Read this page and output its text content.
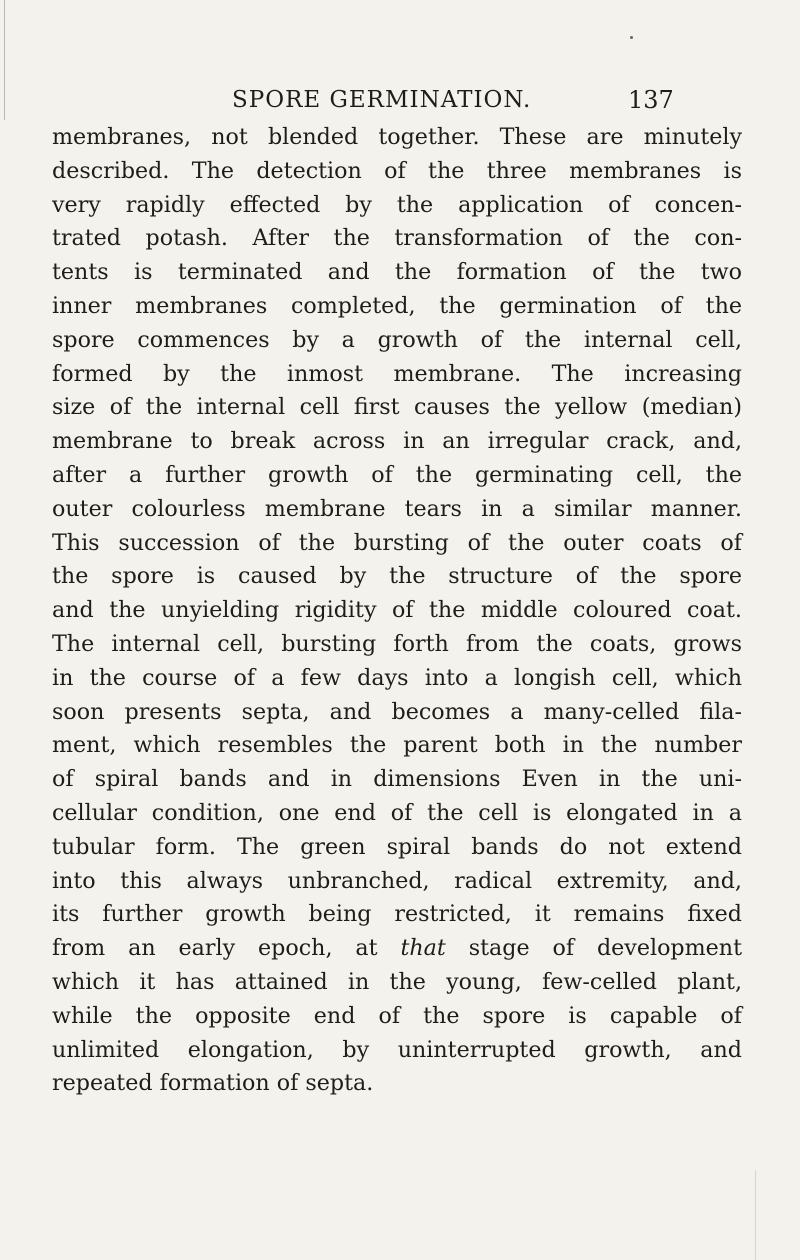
SPORE GERMINATION.	137
membranes, not blended together. These are minutely
described. The detection of the three membranes is
very rapidly effected by the application of concen-
trated potash. After the transformation of the con-
tents is terminated and the formation of the two
inner membranes completed, the germination of the
spore commences by a growth of the internal cell,
formed by the inmost membrane. The increasing
size of the internal cell first causes the yellow (median)
membrane to break across in an irregular crack, and,
after a further growth of the germinating cell, the
outer colourless membrane tears in a similar manner.
This succession of the bursting of the outer coats of
the spore is caused by the structure of the spore
and the unyielding rigidity of the middle coloured coat.
The internal cell, bursting forth from the coats, grows
in the course of a few days into a longish cell, which
soon presents septa, and becomes a many-celled fila-
ment, which resembles the parent both in the number
of spiral bands and in dimensions Even in the uni-
cellular condition, one end of the cell is elongated in a
tubular form. The green spiral bands do not extend
into this always unbranched, radical extremity, and,
its further growth being restricted, it remains fixed
from an early epoch, at that stage of development
which it has attained in the young, few-celled plant,
while the opposite end of the spore is capable of
unlimited elongation, by uninterrupted growth, and
repeated formation of septa.
